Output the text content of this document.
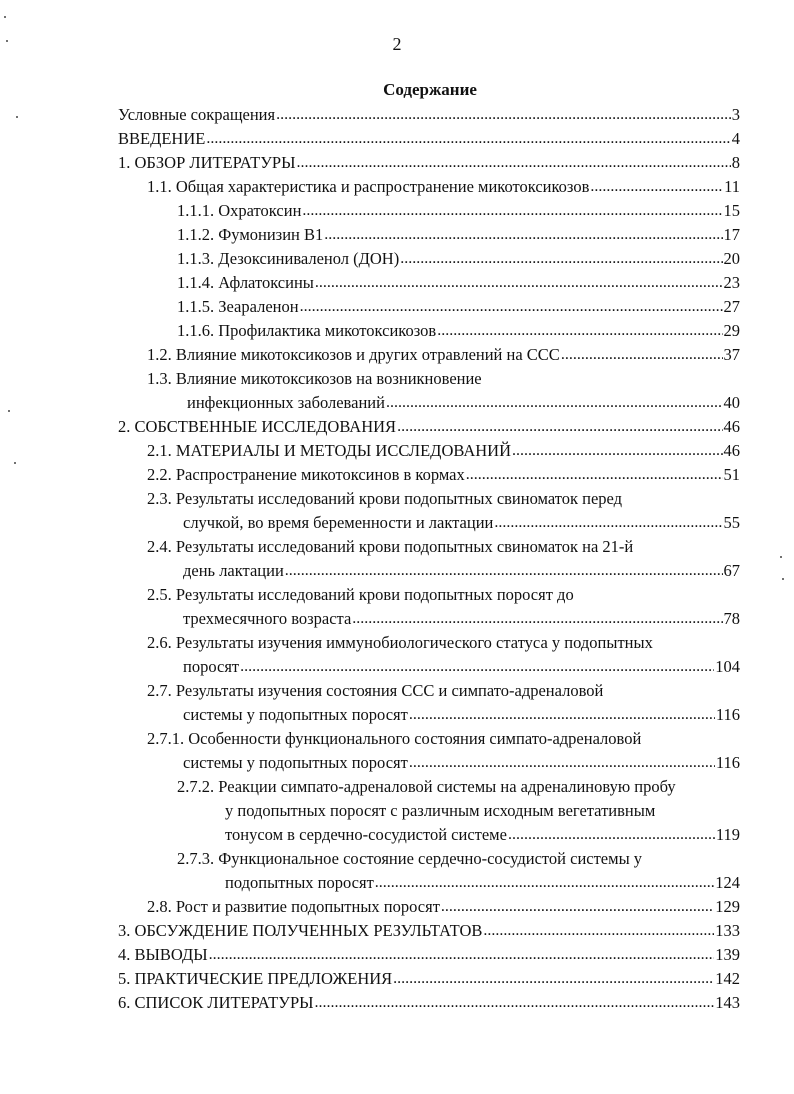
2
Содержание
Условные сокращения .....	3
ВВЕДЕНИЕ .....	4
1. ОБЗОР ЛИТЕРАТУРЫ .....	8
1.1. Общая характеристика и распространение микотоксикозов .....	11
1.1.1. Охратоксин .....	15
1.1.2. Фумонизин В1 .....	17
1.1.3. Дезоксиниваленол (ДОН) .....	20
1.1.4. Афлатоксины .....	23
1.1.5. Зеараленон .....	27
1.1.6. Профилактика микотоксикозов .....	29
1.2. Влияние микотоксикозов и других отравлений на ССС .....	37
1.3. Влияние микотоксикозов на возникновение
инфекционных заболеваний .....	40
2. СОБСТВЕННЫЕ ИССЛЕДОВАНИЯ .....	46
2.1. МАТЕРИАЛЫ И МЕТОДЫ ИССЛЕДОВАНИЙ .....	46
2.2. Распространение микотоксинов в кормах .....	51
2.3. Результаты исследований крови подопытных свиноматок перед
случкой, во время беременности и лактации .....	55
2.4. Результаты исследований крови подопытных свиноматок на 21-й
день лактации .....	67
2.5. Результаты исследований крови подопытных поросят до
трехмесячного возраста .....	78
2.6. Результаты изучения иммунобиологического статуса у подопытных
поросят .....	104
2.7. Результаты изучения состояния ССС и симпато-адреналовой
системы у подопытных поросят .....	116
2.7.1. Особенности функционального состояния симпато-адреналовой
системы у подопытных поросят .....	116
2.7.2. Реакции симпато-адреналовой системы на адреналиновую пробу
у подопытных поросят с различным исходным вегетативным
тонусом в сердечно-сосудистой системе .....	119
2.7.3. Функциональное состояние сердечно-сосудистой системы у
подопытных поросят .....	124
2.8. Рост и развитие подопытных поросят .....	129
3. ОБСУЖДЕНИЕ ПОЛУЧЕННЫХ РЕЗУЛЬТАТОВ .....	133
4. ВЫВОДЫ .....	139
5. ПРАКТИЧЕСКИЕ ПРЕДЛОЖЕНИЯ .....	142
6. СПИСОК ЛИТЕРАТУРЫ .....	143
